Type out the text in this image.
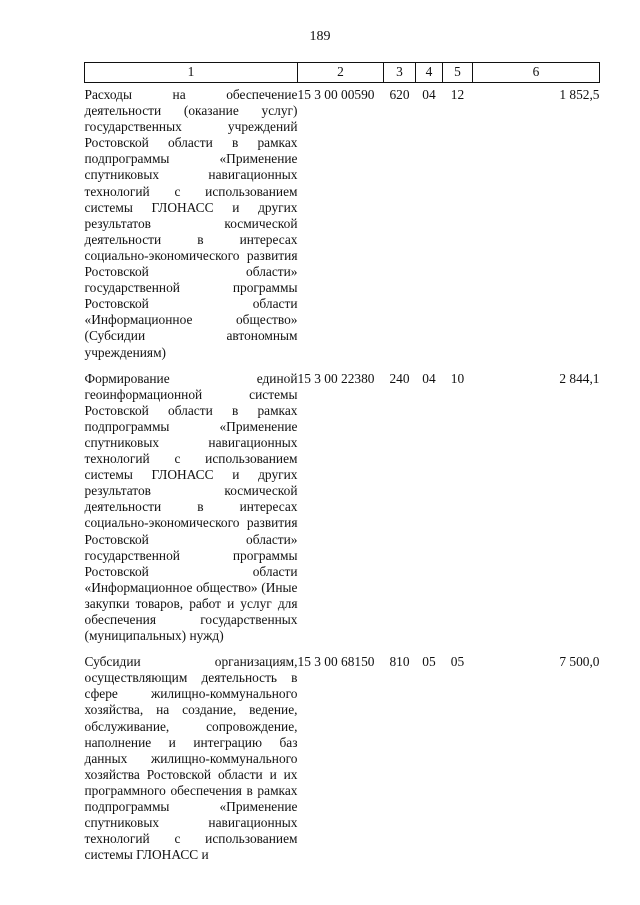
189
1	2	3	4	5	6
Расходы на обеспечение деятельности (оказание услуг) государственных учреждений Ростовской области в рамках подпрограммы «Применение спутниковых навигационных технологий с использованием системы ГЛОНАСС и других результатов космической деятельности в интересах социально-экономического развития Ростовской области» государственной программы Ростовской области «Информационное общество» (Субсидии автономным учреждениям)	15 3 00 00590	620	04	12	1 852,5
Формирование единой геоинформационной системы Ростовской области в рамках подпрограммы «Применение спутниковых навигационных технологий с использованием системы ГЛОНАСС и других результатов космической деятельности в интересах социально-экономического развития Ростовской области» государственной программы Ростовской области «Информационное общество» (Иные закупки товаров, работ и услуг для обеспечения государственных (муниципальных) нужд)	15 3 00 22380	240	04	10	2 844,1
Субсидии организациям, осуществляющим деятельность в сфере жилищно-коммунального хозяйства, на создание, ведение, обслуживание, сопровождение, наполнение и интеграцию баз данных жилищно-коммунального хозяйства Ростовской области и их программного обеспечения в рамках подпрограммы «Применение спутниковых навигационных технологий с использованием системы ГЛОНАСС и	15 3 00 68150	810	05	05	7 500,0
